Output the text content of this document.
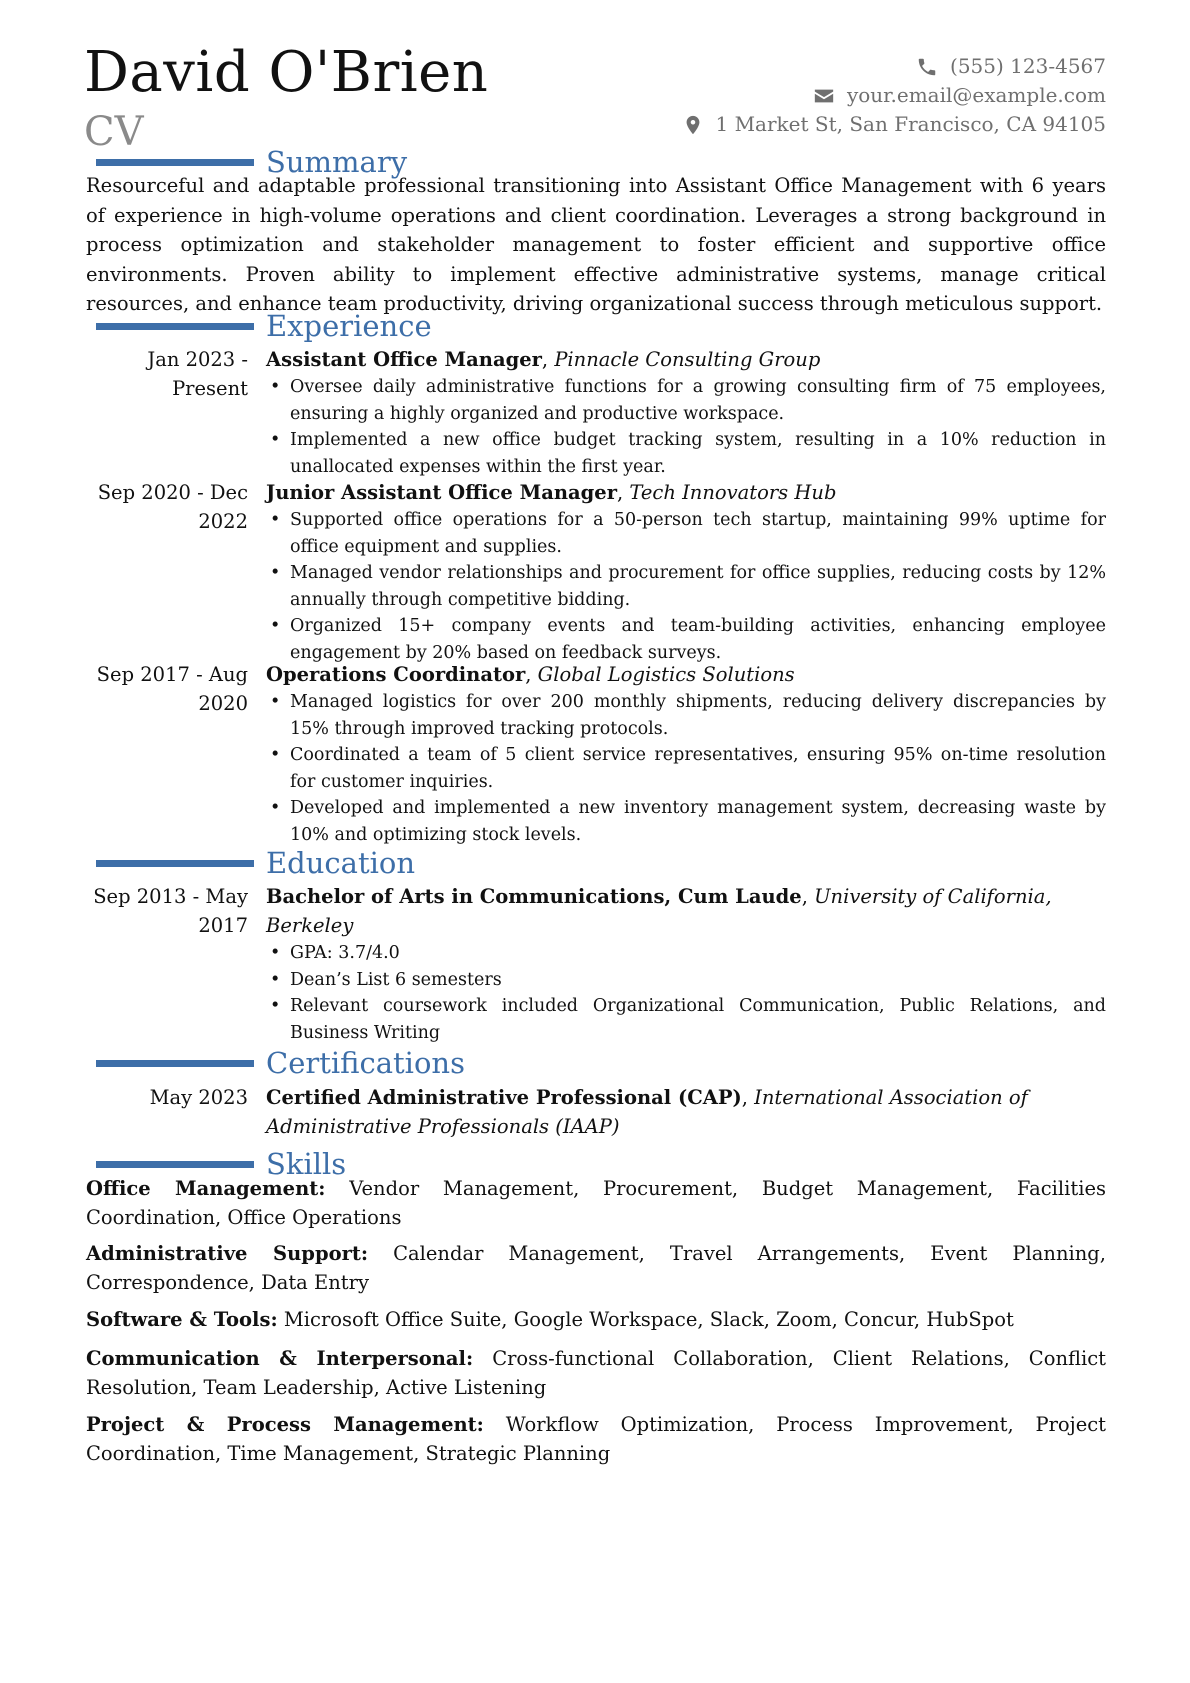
David O'Brien
CV
(555) 123-4567
your.email@example.com
1 Market St, San Francisco, CA 94105
Summary
Resourceful and adaptable professional transitioning into Assistant Office Management with 6 years of experience in high-volume operations and client coordination. Leverages a strong background in process optimization and stakeholder management to foster efficient and supportive office environments. Proven ability to implement effective administrative systems, manage critical resources, and enhance team productivity, driving organizational success through meticulous support.
Experience
Jan 2023 - Present
Assistant Office Manager, Pinnacle Consulting Group
• Oversee daily administrative functions for a growing consulting firm of 75 employees, ensuring a highly organized and productive workspace.
• Implemented a new office budget tracking system, resulting in a 10% reduction in unallocated expenses within the first year.
Sep 2020 - Dec 2022
Junior Assistant Office Manager, Tech Innovators Hub
• Supported office operations for a 50-person tech startup, maintaining 99% uptime for office equipment and supplies.
• Managed vendor relationships and procurement for office supplies, reducing costs by 12% annually through competitive bidding.
• Organized 15+ company events and team-building activities, enhancing employee engagement by 20% based on feedback surveys.
Sep 2017 - Aug 2020
Operations Coordinator, Global Logistics Solutions
• Managed logistics for over 200 monthly shipments, reducing delivery discrepancies by 15% through improved tracking protocols.
• Coordinated a team of 5 client service representatives, ensuring 95% on-time resolution for customer inquiries.
• Developed and implemented a new inventory management system, decreasing waste by 10% and optimizing stock levels.
Education
Sep 2013 - May 2017
Bachelor of Arts in Communications, Cum Laude, University of California, Berkeley
• GPA: 3.7/4.0
• Dean’s List 6 semesters
• Relevant coursework included Organizational Communication, Public Relations, and Business Writing
Certifications
May 2023 Certified Administrative Professional (CAP), International Association of Administrative Professionals (IAAP)
Skills
Office Management: Vendor Management, Procurement, Budget Management, Facilities Coordination, Office Operations
Administrative Support: Calendar Management, Travel Arrangements, Event Planning, Correspondence, Data Entry
Software & Tools: Microsoft Office Suite, Google Workspace, Slack, Zoom, Concur, HubSpot
Communication & Interpersonal: Cross-functional Collaboration, Client Relations, Conflict Resolution, Team Leadership, Active Listening
Project & Process Management: Workflow Optimization, Process Improvement, Project Coordination, Time Management, Strategic Planning
